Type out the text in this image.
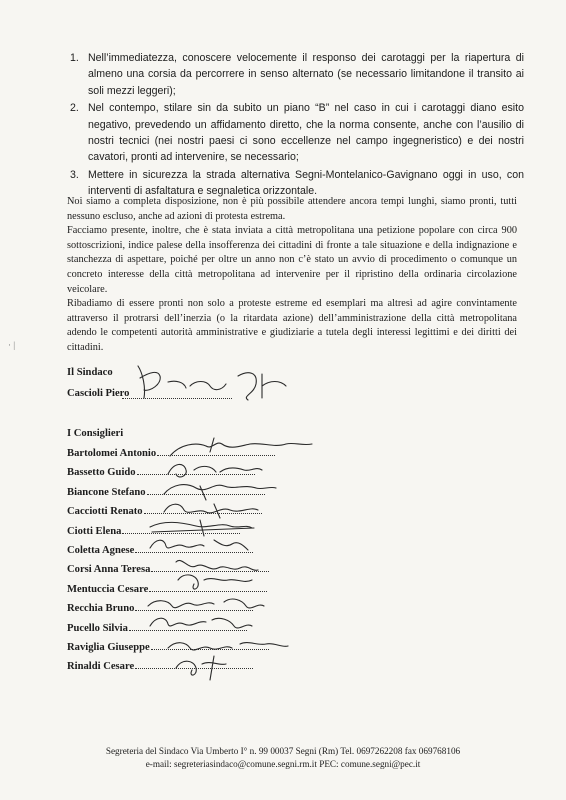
1. Nell’immediatezza, conoscere velocemente il responso dei carotaggi per la riapertura di almeno una corsia da percorrere in senso alternato (se necessario limitandone il transito ai soli mezzi leggeri);
2. Nel contempo, stilare sin da subito un piano “B” nel caso in cui i carotaggi diano esito negativo, prevedendo un affidamento diretto, che la norma consente, anche con l’ausilio di nostri tecnici (nei nostri paesi ci sono eccellenze nel campo ingegneristico) e dei nostri cavatori, pronti ad intervenire, se necessario;
3. Mettere in sicurezza la strada alternativa Segni-Montelanico-Gavignano oggi in uso, con interventi di asfaltatura e segnaletica orizzontale.

Noi siamo a completa disposizione, non è più possibile attendere ancora tempi lunghi, siamo pronti, tutti nessuno escluso, anche ad azioni di protesta estrema.

Facciamo presente, inoltre, che è stata inviata a città metropolitana una petizione popolare con circa 900 sottoscrizioni, indice palese della insofferenza dei cittadini di fronte a tale situazione e della indignazione e stanchezza di aspettare, poiché per oltre un anno non c’è stato un avvio di procedimento o comunque un concreto interesse della città metropolitana ad intervenire per il ripristino della ordinaria circolazione veicolare.

Ribadiamo di essere pronti non solo a proteste estreme ed esemplari ma altresì ad agire convintamente attraverso il protrarsi dell’inerzia (o la ritardata azione) dell’amministrazione della città metropolitana adendo le competenti autorità amministrative e giudiziarie a tutela degli interessi legittimi e dei diritti dei cittadini.

· |
Il Sindaco
Cascioli Piero
I Consiglieri
Bartolomei Antonio
Bassetto Guido
Biancone Stefano
Cacciotti Renato
Ciotti Elena
Coletta Agnese
Corsi Anna Teresa
Mentuccia Cesare
Recchia Bruno
Pucello Silvia
Raviglia Giuseppe
Rinaldi Cesare
Segreteria del Sindaco Via Umberto I° n. 99 00037 Segni (Rm) Tel. 0697262208 fax 069768106
e-mail: segreteriasindaco@comune.segni.rm.it PEC: comune.segni@pec.it
